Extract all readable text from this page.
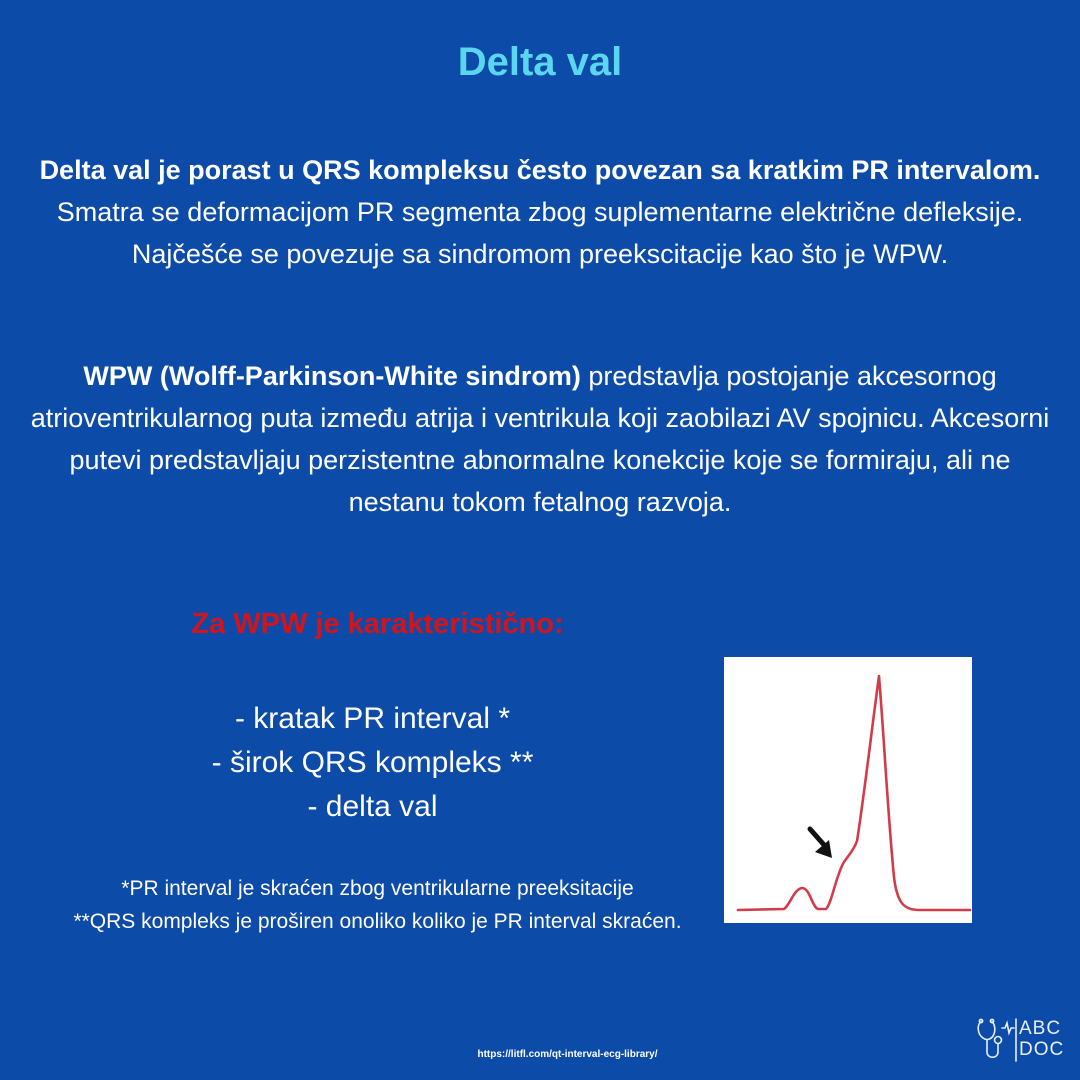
Delta val

Delta val je porast u QRS kompleksu često povezan sa kratkim PR intervalom. Smatra se deformacijom PR segmenta zbog suplementarne električne defleksije. Najčešće se povezuje sa sindromom preekscitacije kao što je WPW.

WPW (Wolff-Parkinson-White sindrom) predstavlja postojanje akcesornog atrioventrikularnog puta između atrija i ventrikula koji zaobilazi AV spojnicu. Akcesorni putevi predstavljaju perzistentne abnormalne konekcije koje se formiraju, ali ne nestanu tokom fetalnog razvoja.

Za WPW je karakteristično:
- kratak PR interval *
- širok QRS kompleks **
- delta val
*PR interval je skraćen zbog ventrikularne preeksitacije
**QRS kompleks je proširen onoliko koliko je PR interval skraćen.
https://litfl.com/qt-interval-ecg-library/
ABC
DOC
